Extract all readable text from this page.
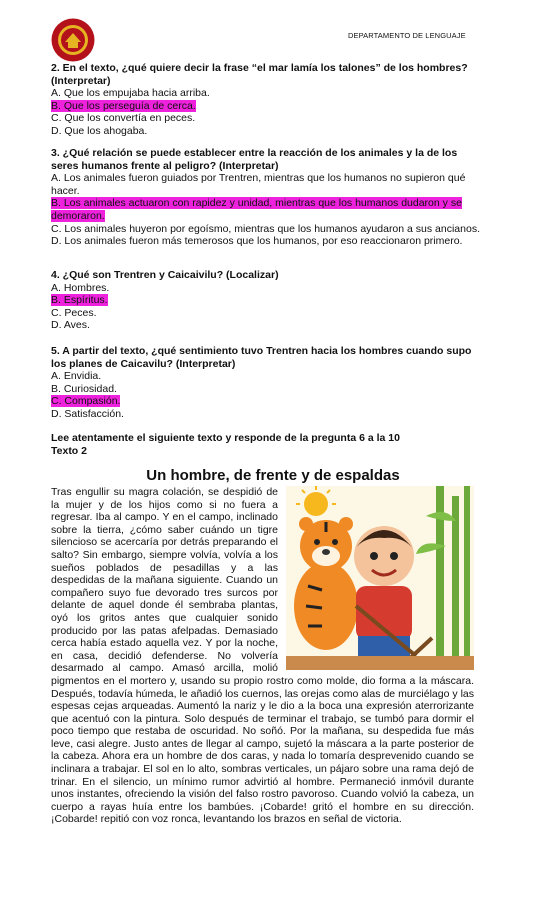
DEPARTAMENTO DE LENGUAJE
2. En el texto, ¿qué quiere decir la frase “el mar lamía los talones” de los hombres? (Interpretar)
A. Que los empujaba hacia arriba.
B. Que los perseguía de cerca.
C. Que los convertía en peces.
D. Que los ahogaba.
3. ¿Qué relación se puede establecer entre la reacción de los animales y la de los seres humanos frente al peligro? (Interpretar)
A. Los animales fueron guiados por Trentren, mientras que los humanos no supieron qué hacer.
B. Los animales actuaron con rapidez y unidad, mientras que los humanos dudaron y se demoraron.
C. Los animales huyeron por egoísmo, mientras que los humanos ayudaron a sus ancianos.
D. Los animales fueron más temerosos que los humanos, por eso reaccionaron primero.
4. ¿Qué son Trentren y Caicaivilu? (Localizar)
A. Hombres.
B. Espíritus.
C. Peces.
D. Aves.
5. A partir del texto, ¿qué sentimiento tuvo Trentren hacia los hombres cuando supo los planes de Caicavilu? (Interpretar)
A. Envidia.
B. Curiosidad.
C. Compasión.
D. Satisfacción.
Lee atentamente el siguiente texto y responde de la pregunta 6 a la 10
Texto 2
Un hombre, de frente y de espaldas
Tras engullir su magra colación, se despidió de la mujer y de los hijos como si no fuera a regresar. Iba al campo. Y en el campo, inclinado sobre la tierra, ¿cómo saber cuándo un tigre silencioso se acercaría por detrás preparando el salto? Sin embargo, siempre volvía, volvía a los sueños poblados de pesadillas y a las despedidas de la mañana siguiente. Cuando un compañero suyo fue devorado tres surcos por delante de aquel donde él sembraba plantas, oyó los gritos antes que cualquier sonido producido por las patas afelpadas. Demasiado cerca había estado aquella vez. Y por la noche, en casa, decidió defenderse. No volvería desarmado al campo. Amasó arcilla, molió pigmentos en el mortero y, usando su propio rostro como molde, dio forma a la máscara. Después, todavía húmeda, le añadió los cuernos, las orejas como alas de murciélago y las espesas cejas arqueadas. Aumentó la nariz y le dio a la boca una expresión aterrorizante que acentuó con la pintura. Solo después de terminar el trabajo, se tumbó para dormir el poco tiempo que restaba de oscuridad. No soñó. Por la mañana, su despedida fue más leve, casi alegre. Justo antes de llegar al campo, sujetó la máscara a la parte posterior de la cabeza. Ahora era un hombre de dos caras, y nada lo tomaría desprevenido cuando se inclinara a trabajar. El sol en lo alto, sombras verticales, un pájaro sobre una rama dejó de trinar. En el silencio, un mínimo rumor advirtió al hombre. Permaneció inmóvil durante unos instantes, ofreciendo la visión del falso rostro pavoroso. Cuando volvió la cabeza, un cuerpo a rayas huía entre los bambúes. ¡Cobarde! gritó el hombre en su dirección. ¡Cobarde! repitió con voz ronca, levantando los brazos en señal de victoria.
